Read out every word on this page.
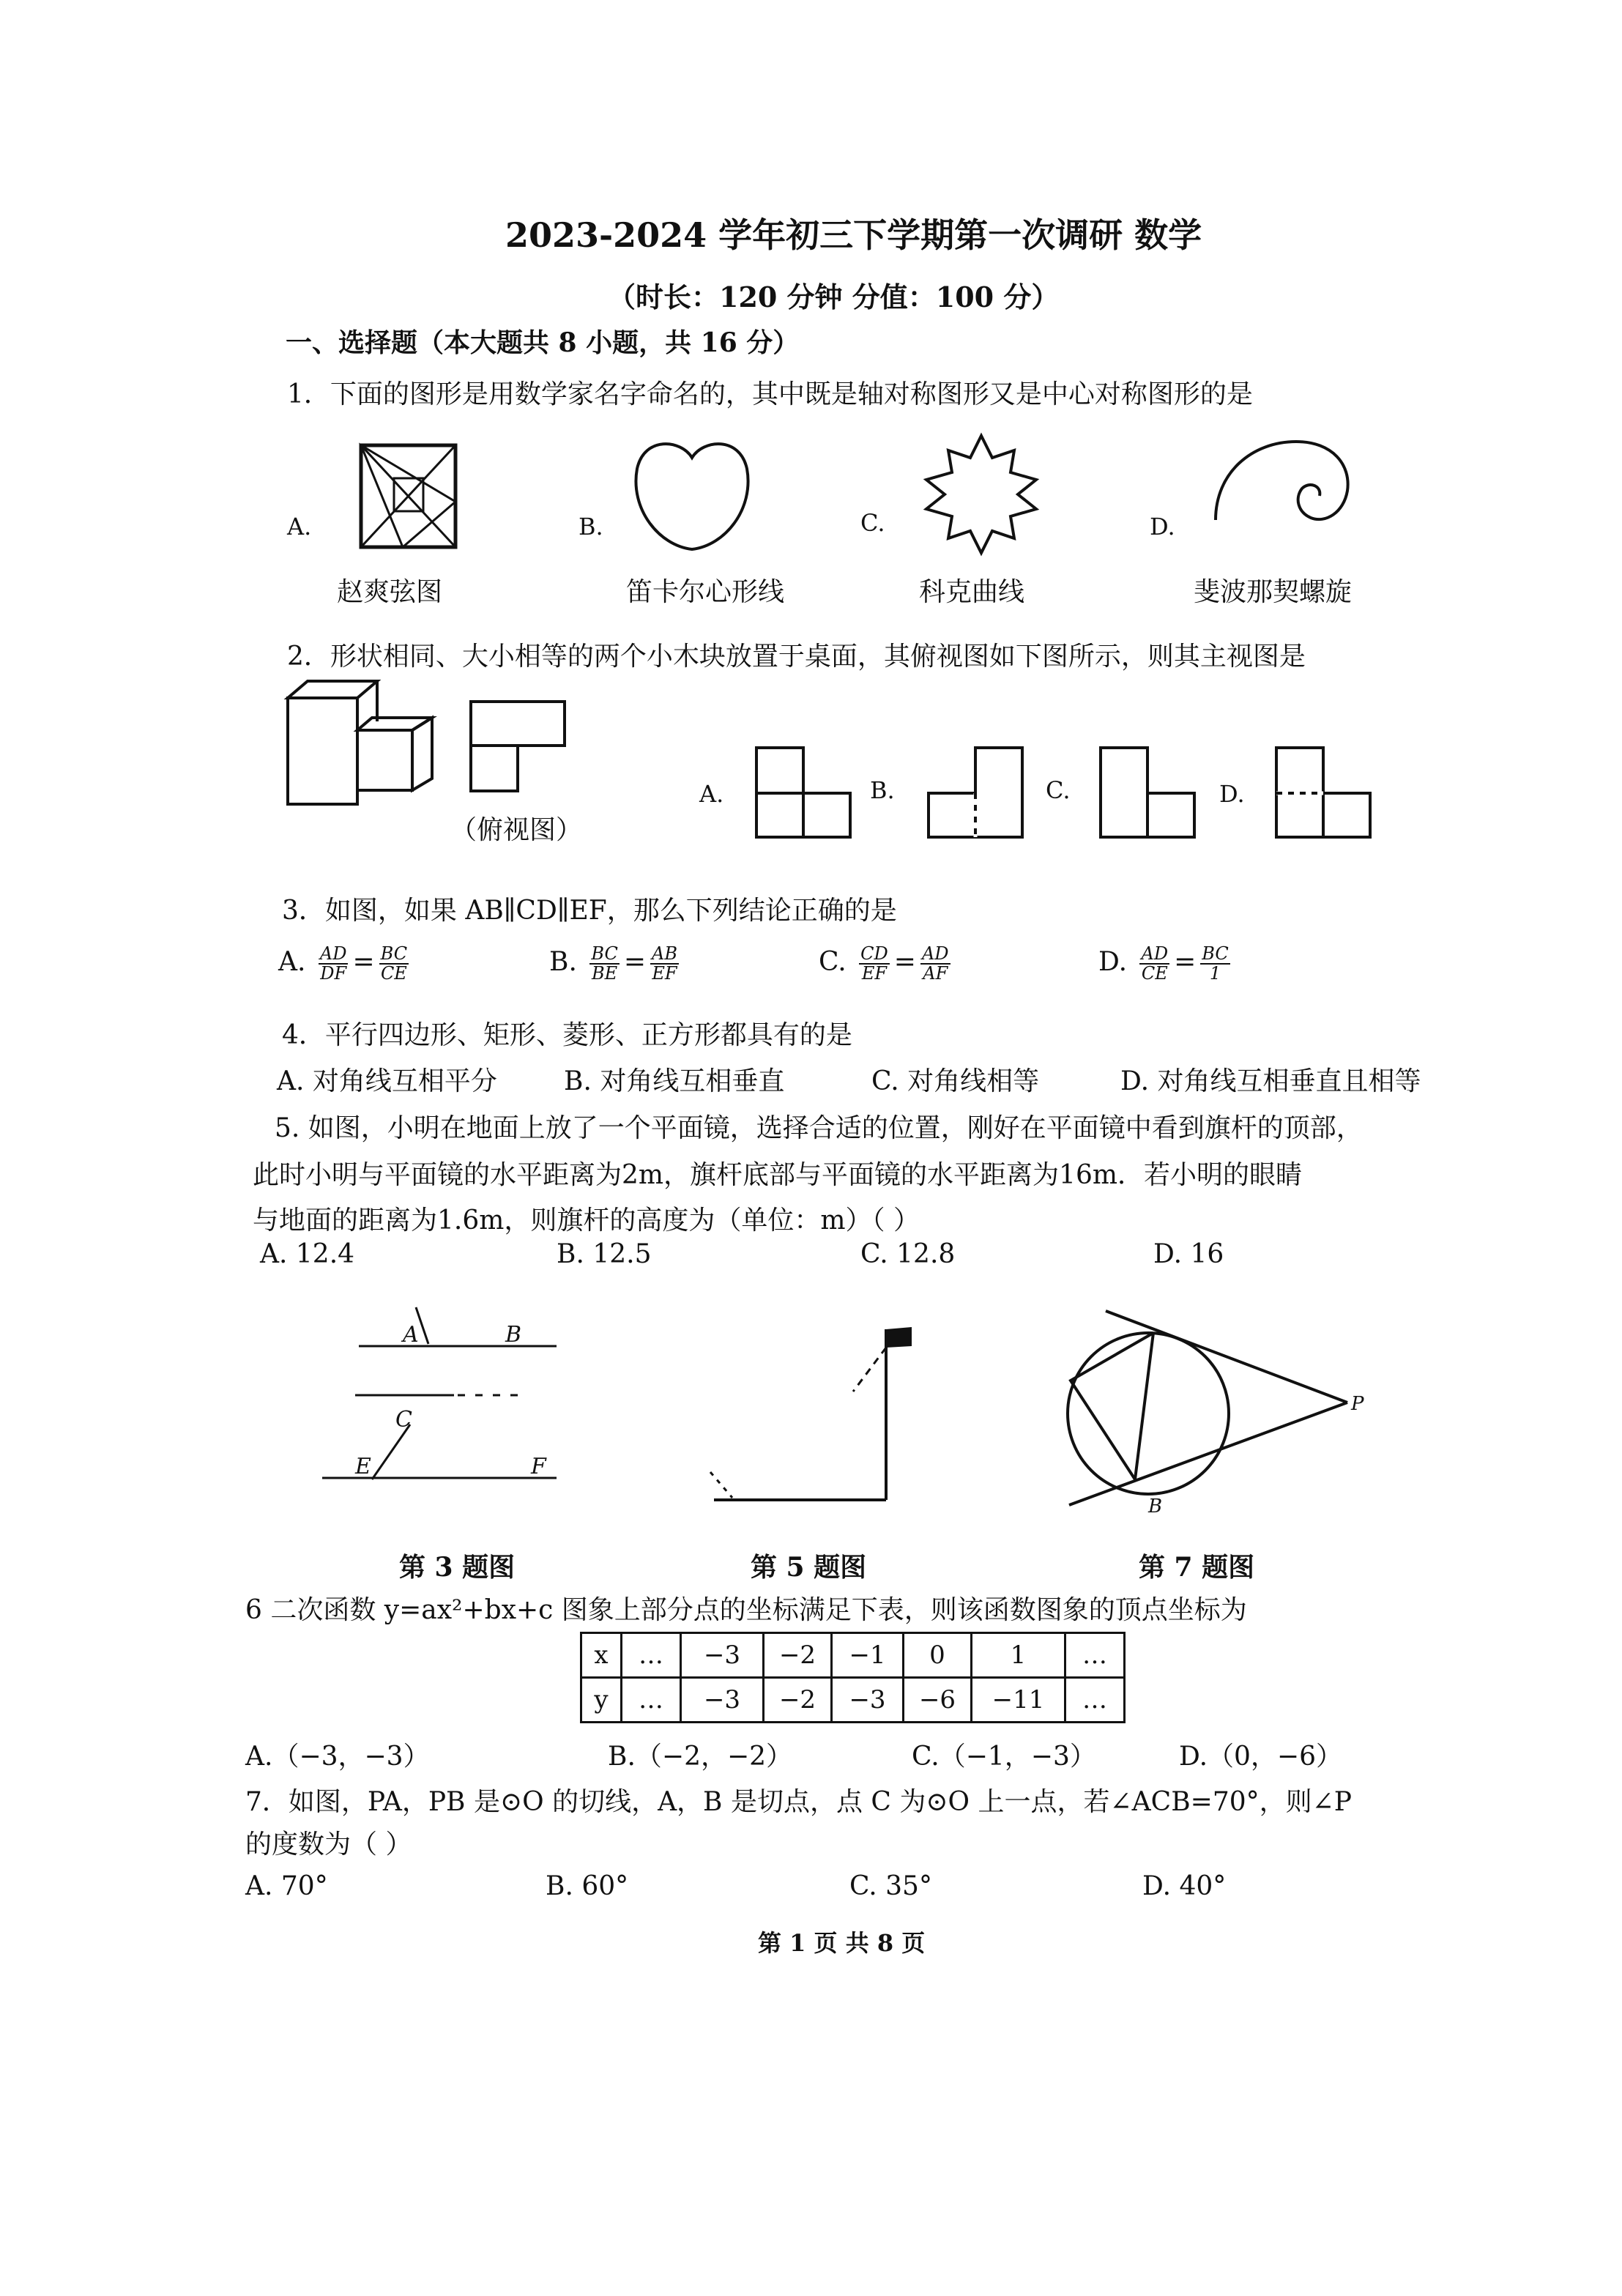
2023-2024 学年初三下学期第一次调研 数学
（时长：120 分钟 分值：100 分）
一、选择题（本大题共 8 小题，共 16 分）
1．下面的图形是用数学家名字命名的，其中既是轴对称图形又是中心对称图形的是
A.
赵爽弦图
B.
笛卡尔心形线
C.
科克曲线
D.
斐波那契螺旋
2．形状相同、大小相等的两个小木块放置于桌面，其俯视图如下图所示，则其主视图是
（俯视图）
A.	B.	C.	D.
3．如图，如果 AB∥CD∥EF，那么下列结论正确的是
A. $\frac{AD}{DF} = \frac{BC}{CE}$	B. $\frac{BC}{BE} = \frac{AB}{EF}$	C. $\frac{CD}{EF} = \frac{AD}{AF}$	D. $\frac{AD}{CE} = \frac{BC}{1}$
4．平行四边形、矩形、菱形、正方形都具有的是
A. 对角线互相平分	B. 对角线互相垂直	C. 对角线相等	D. 对角线互相垂直且相等
5. 如图，小明在地面上放了一个平面镜，选择合适的位置，刚好在平面镜中看到旗杆的顶部，
此时小明与平面镜的水平距离为2m，旗杆底部与平面镜的水平距离为16m．若小明的眼睛
与地面的距离为1.6m，则旗杆的高度为（单位：m）（ ）
A. 12.4	B. 12.5	C. 12.8	D. 16
A	B
C
E	F
P
B
第 3 题图	第 5 题图	第 7 题图
6 二次函数 y=ax²+bx+c 图象上部分点的坐标满足下表，则该函数图象的顶点坐标为
x	…	−3	−2	−1	0	1	…
y	…	−3	−2	−3	−6	−11	…
A.（−3，−3）	B.（−2，−2）	C.（−1，−3）	D.（0，−6）
7．如图，PA，PB 是⊙O 的切线，A，B 是切点，点 C 为⊙O 上一点，若∠ACB=70°，则∠P
的度数为（ ）
A. 70°	B. 60°	C. 35°	D. 40°
第 1 页 共 8 页
